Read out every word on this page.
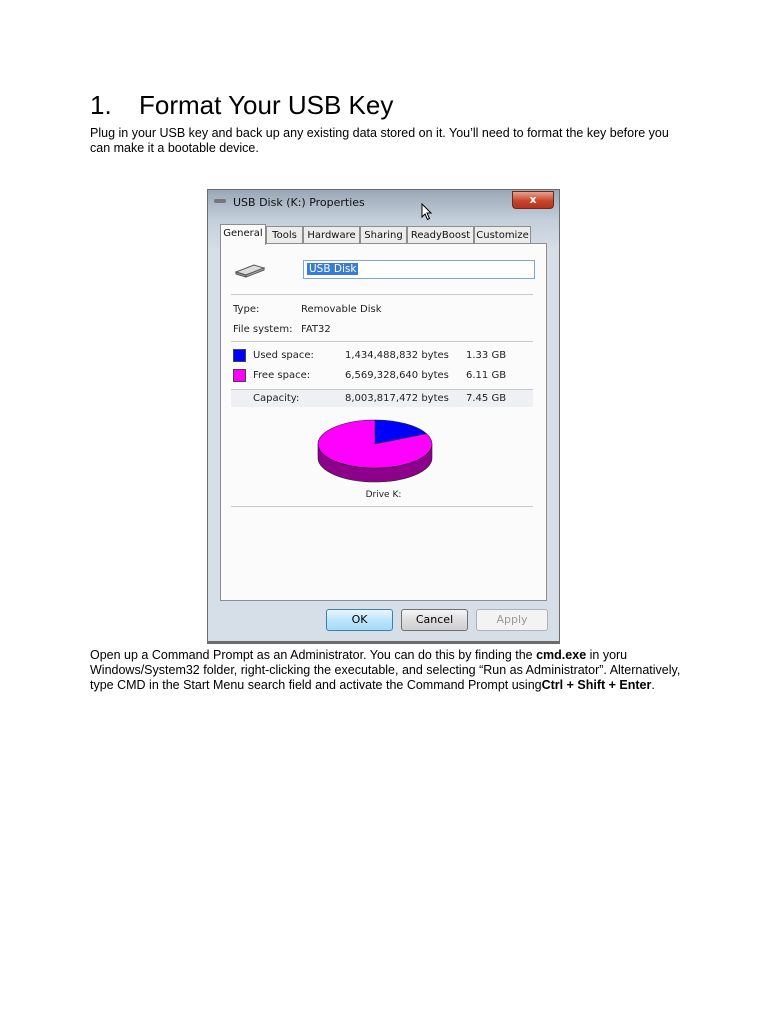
1. Format Your USB Key

Plug in your USB key and back up any existing data stored on it. You’ll need to format the key before you can make it a bootable device.

USB Disk (K:) Properties	x
General Tools	Hardware Sharing ReadyBoost Customize
USB Disk
Type:	Removable Disk
File system: FAT32
Used space:	1,434,488,832 bytes 1.33 GB
Free space:	6,569,328,640 bytes 6.11 GB
Capacity:	8,003,817,472 bytes 7.45 GB
Drive K:
OK	Cancel	Apply

Open up a Command Prompt as an Administrator. You can do this by finding the cmd.exe in yoru Windows/System32 folder, right-clicking the executable, and selecting “Run as Administrator”. Alternatively, type CMD in the Start Menu search field and activate the Command Prompt usingCtrl + Shift + Enter.
